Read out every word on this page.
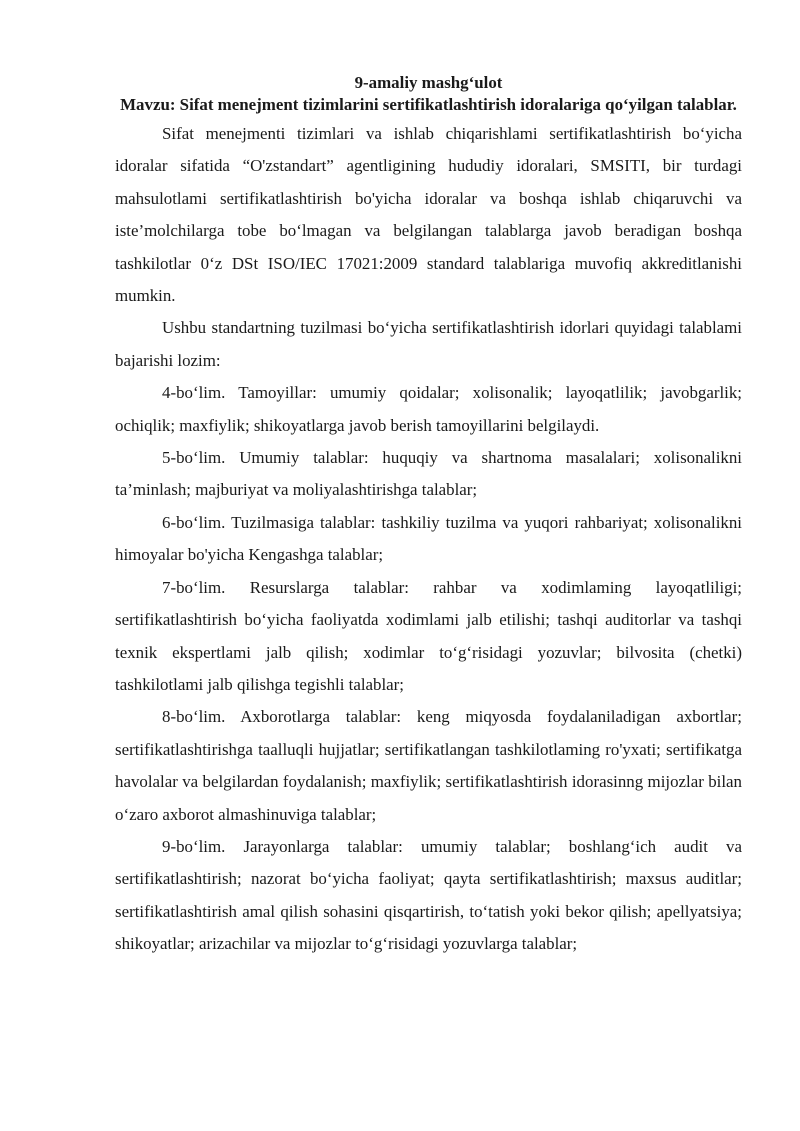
9-amaliy mashg‘ulot

Mavzu: Sifat menejment tizimlarini sertifikatlashtirish idoralariga qo‘yilgan talablar.

Sifat menejmenti tizimlari va ishlab chiqarishlami sertifikatlashtirish bo‘yicha idoralar sifatida “O'zstandart” agentligining hududiy idoralari, SMSITI, bir turdagi mahsulotlami sertifikatlashtirish bo'yicha idoralar va boshqa ishlab chiqaruvchi va iste’molchilarga tobe bo‘lmagan va belgilangan talablarga javob beradigan boshqa tashkilotlar 0‘z DSt ISO/IEC 17021:2009 standard talablariga muvofiq akkreditlanishi mumkin.

Ushbu standartning tuzilmasi bo‘yicha sertifikatlashtirish idorlari quyidagi talablami bajarishi lozim:

4-bo‘lim. Tamoyillar: umumiy qoidalar; xolisonalik; layoqatlilik; javobgarlik; ochiqlik; maxfiylik; shikoyatlarga javob berish tamoyillarini belgilaydi.

5-bo‘lim. Umumiy talablar: huquqiy va shartnoma masalalari; xolisonalikni ta’minlash; majburiyat va moliyalashtirishga talablar;

6-bo‘lim. Tuzilmasiga talablar: tashkiliy tuzilma va yuqori rahbariyat; xolisonalikni himoyalar bo'yicha Kengashga talablar;

7-bo‘lim. Resurslarga talablar: rahbar va xodimlaming layoqatliligi; sertifikatlashtirish bo‘yicha faoliyatda xodimlami jalb etilishi; tashqi auditorlar va tashqi texnik ekspertlami jalb qilish; xodimlar to‘g‘risidagi yozuvlar; bilvosita (chetki) tashkilotlami jalb qilishga tegishli talablar;

8-bo‘lim. Axborotlarga talablar: keng miqyosda foydalaniladigan axbortlar; sertifikatlashtirishga taalluqli hujjatlar; sertifikatlangan tashkilotlaming ro'yxati; sertifikatga havolalar va belgilardan foydalanish; maxfiylik; sertifikatlashtirish idorasinng mijozlar bilan o‘zaro axborot almashinuviga talablar;

9-bo‘lim. Jarayonlarga talablar: umumiy talablar; boshlang‘ich audit va sertifikatlashtirish; nazorat bo‘yicha faoliyat; qayta sertifikatlashtirish; maxsus auditlar; sertifikatlashtirish amal qilish sohasini qisqartirish, to‘tatish yoki bekor qilish; apellyatsiya; shikoyatlar; arizachilar va mijozlar to‘g‘risidagi yozuvlarga talablar;
